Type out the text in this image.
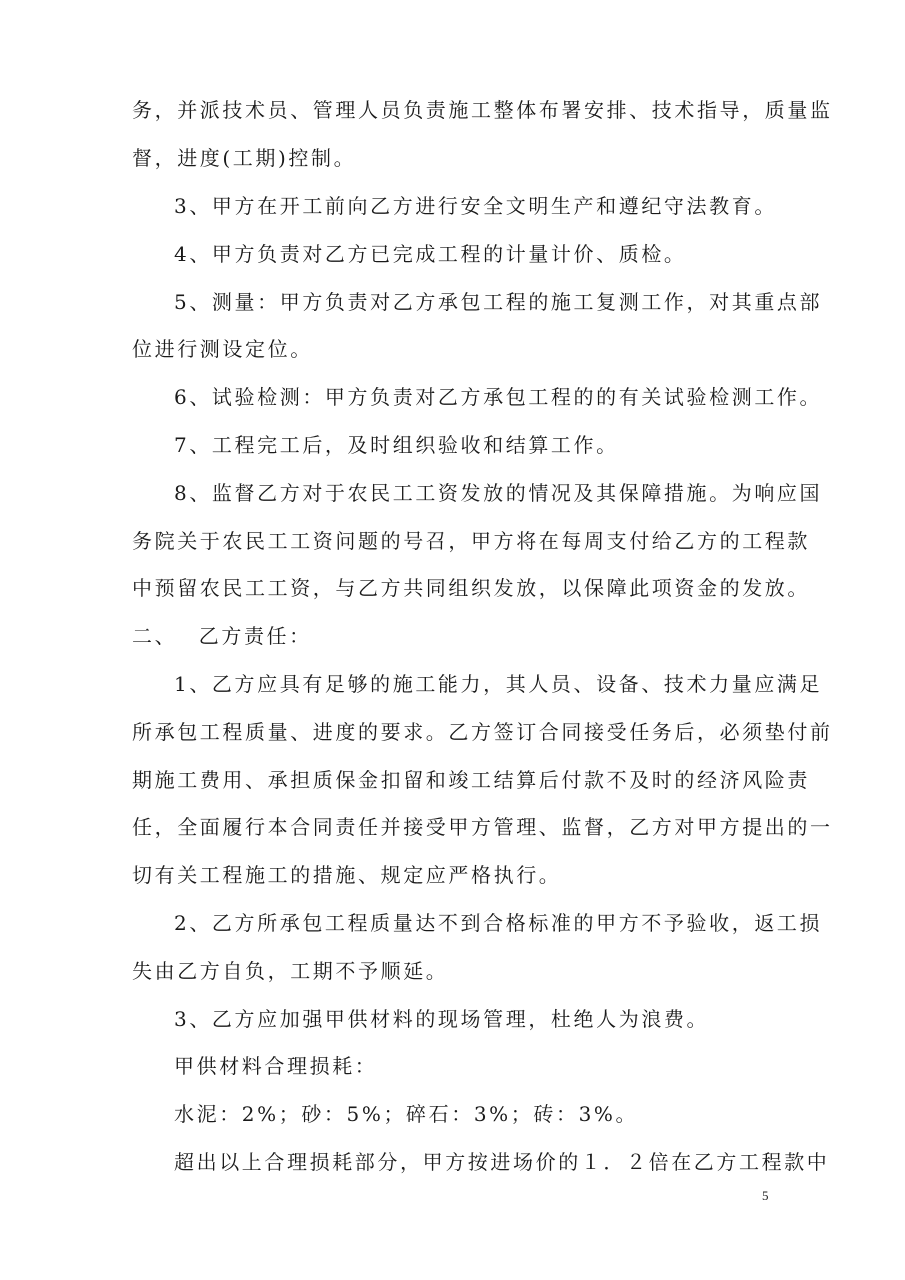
务，并派技术员、管理人员负责施工整体布署安排、技术指导，质量监
督，进度(工期)控制。
3、甲方在开工前向乙方进行安全文明生产和遵纪守法教育。
4、甲方负责对乙方已完成工程的计量计价、质检。
5、测量：甲方负责对乙方承包工程的施工复测工作，对其重点部
位进行测设定位。
6、试验检测：甲方负责对乙方承包工程的的有关试验检测工作。
7、工程完工后，及时组织验收和结算工作。
8、监督乙方对于农民工工资发放的情况及其保障措施。为响应国
务院关于农民工工资问题的号召，甲方将在每周支付给乙方的工程款
中预留农民工工资，与乙方共同组织发放，以保障此项资金的发放。
二、　 乙方责任：
1、乙方应具有足够的施工能力，其人员、设备、技术力量应满足
所承包工程质量、进度的要求。乙方签订合同接受任务后，必须垫付前
期施工费用、承担质保金扣留和竣工结算后付款不及时的经济风险责
任，全面履行本合同责任并接受甲方管理、监督，乙方对甲方提出的一
切有关工程施工的措施、规定应严格执行。
2、乙方所承包工程质量达不到合格标准的甲方不予验收，返工损
失由乙方自负，工期不予顺延。
3、乙方应加强甲供材料的现场管理，杜绝人为浪费。
甲供材料合理损耗：
水泥：2%；砂：5%；碎石：3%；砖：3%。
超出以上合理损耗部分，甲方按进场价的１．２倍在乙方工程款中
5
